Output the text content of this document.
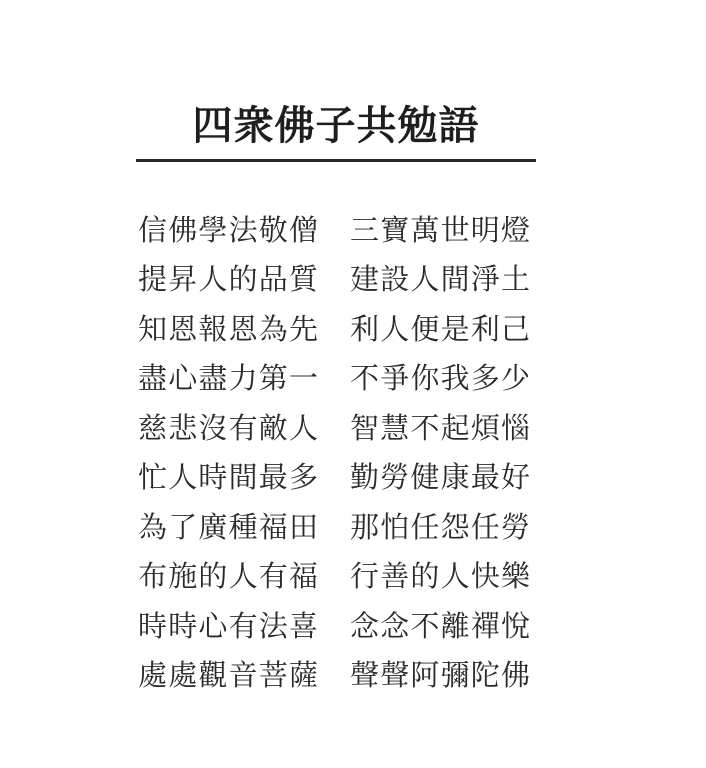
四衆佛子共勉語
信佛學法敬僧	三寶萬世明燈
提昇人的品質	建設人間淨土
知恩報恩為先	利人便是利己
盡心盡力第一	不爭你我多少
慈悲沒有敵人	智慧不起煩惱
忙人時間最多	勤勞健康最好
為了廣種福田	那怕任怨任勞
布施的人有福	行善的人快樂
時時心有法喜	念念不離禪悅
處處觀音菩薩	聲聲阿彌陀佛
